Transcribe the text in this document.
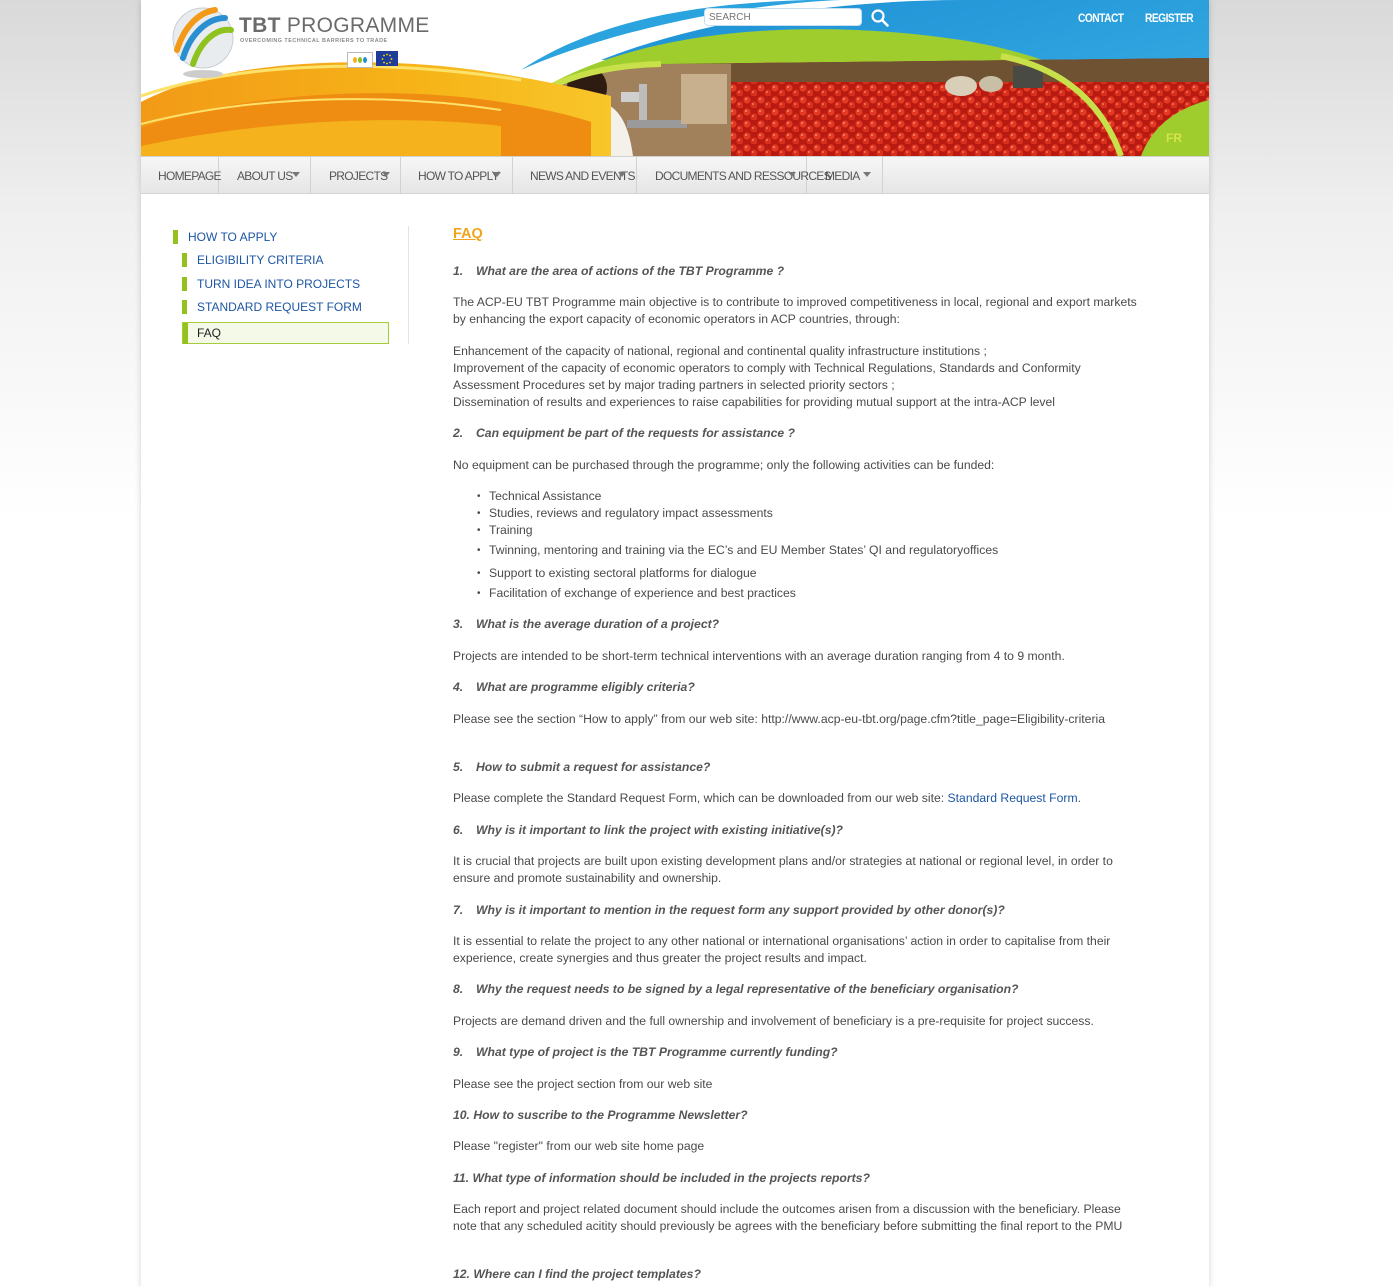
TBT PROGRAMME
OVERCOMING TECHNICAL BARRIERS TO TRADE
SEARCH
CONTACT REGISTER
FR
HOMEPAGE ABOUT US	PROJECTS	HOW TO APPLY	NEWS AND EVENTS DOCUMENTS AND RESSOURCES
MEDIA
HOW TO APPLY
ELIGIBILITY CRITERIA
TURN IDEA INTO PROJECTS
STANDARD REQUEST FORM
FAQ
FAQ

1. What are the area of actions of the TBT Programme ?

The ACP-EU TBT Programme main objective is to contribute to improved competitiveness in local, regional and export markets by enhancing the export capacity of economic operators in ACP countries, through:

Enhancement of the capacity of national, regional and continental quality infrastructure institutions ;

Improvement of the capacity of economic operators to comply with Technical Regulations, Standards and Conformity Assessment Procedures set by major trading partners in selected priority sectors ;

Dissemination of results and experiences to raise capabilities for providing mutual support at the intra-ACP level

2. Can equipment be part of the requests for assistance ?

No equipment can be purchased through the programme; only the following activities can be funded:

• Technical Assistance
• Studies, reviews and regulatory impact assessments
• Training
• Twinning, mentoring and training via the EC’s and EU Member States’ QI and regulatoryoffices
• Support to existing sectoral platforms for dialogue
• Facilitation of exchange of experience and best practices

3. What is the average duration of a project?

Projects are intended to be short-term technical interventions with an average duration ranging from 4 to 9 month.

4. What are programme eligibly criteria?

Please see the section “How to apply” from our web site: http://www.acp-eu-tbt.org/page.cfm?title_page=Eligibility-criteria

5. How to submit a request for assistance?

Please complete the Standard Request Form, which can be downloaded from our web site: Standard Request Form.

6. Why is it important to link the project with existing initiative(s)?

It is crucial that projects are built upon existing development plans and/or strategies at national or regional level, in order to ensure and promote sustainability and ownership.

7. Why is it important to mention in the request form any support provided by other donor(s)?

It is essential to relate the project to any other national or international organisations’ action in order to capitalise from their experience, create synergies and thus greater the project results and impact.

8. Why the request needs to be signed by a legal representative of the beneficiary organisation?

Projects are demand driven and the full ownership and involvement of beneficiary is a pre-requisite for project success.

9. What type of project is the TBT Programme currently funding?

Please see the project section from our web site

10. How to suscribe to the Programme Newsletter?

Please "register" from our web site home page

11. What type of information should be included in the projects reports?

Each report and project related document should include the outcomes arisen from a discussion with the beneficiary. Please note that any scheduled acitity should previously be agrees with the beneficiary before submitting the final report to the PMU

12. Where can I find the project templates?
